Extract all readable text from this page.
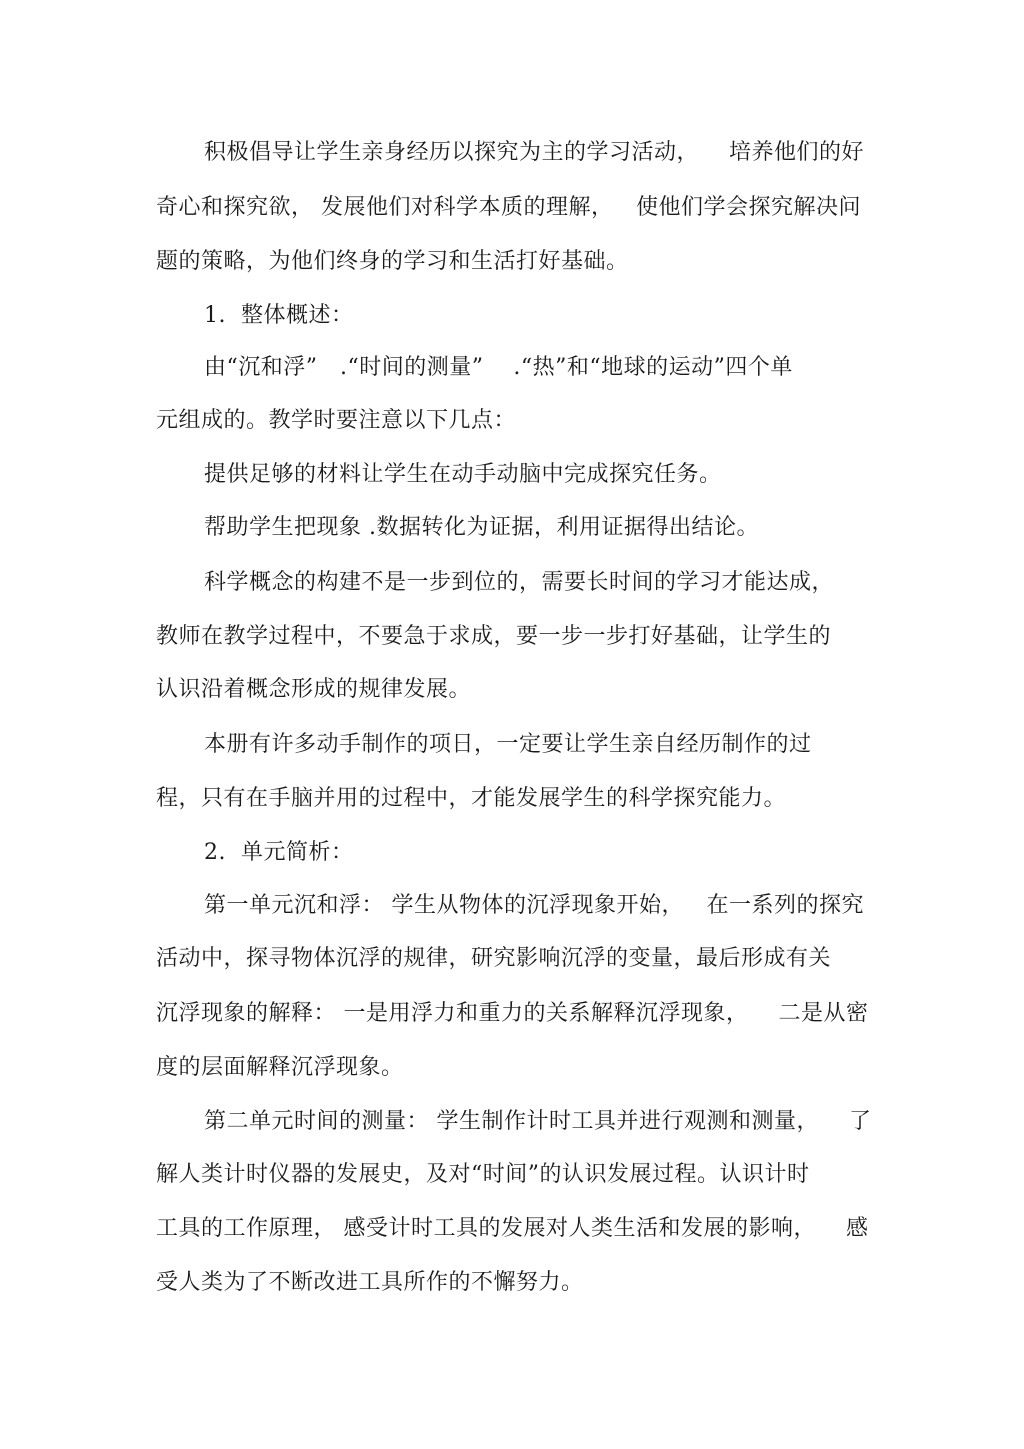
积极倡导让学生亲身经历以探究为主的学习活动，    培养他们的好
奇心和探究欲， 发展他们对科学本质的理解，   使他们学会探究解决问
题的策略，为他们终身的学习和生活打好基础。
1.  整体概述：
由“沉和浮”   .“时间的测量”    .“热”和“地球的运动”四个单
元组成的。教学时要注意以下几点：
提供足够的材料让学生在动手动脑中完成探究任务。
帮助学生把现象 .数据转化为证据，利用证据得出结论。
科学概念的构建不是一步到位的，需要长时间的学习才能达成，
教师在教学过程中，不要急于求成，要一步一步打好基础，让学生的
认识沿着概念形成的规律发展。
本册有许多动手制作的项日，一定要让学生亲自经历制作的过
程，只有在手脑并用的过程中，才能发展学生的科学探究能力。
2.  单元简析：
第一单元沉和浮： 学生从物体的沉浮现象开始，   在一系列的探究
活动中，探寻物体沉浮的规律，研究影响沉浮的变量，最后形成有关
沉浮现象的解释： 一是用浮力和重力的关系解释沉浮现象，    二是从密
度的层面解释沉浮现象。
第二单元时间的测量： 学生制作计时工具并进行观测和测量，    了
解人类计时仪器的发展史，及对“时间”的认识发展过程。认识计时
工具的工作原理， 感受计时工具的发展对人类生活和发展的影响，    感
受人类为了不断改进工具所作的不懈努力。
